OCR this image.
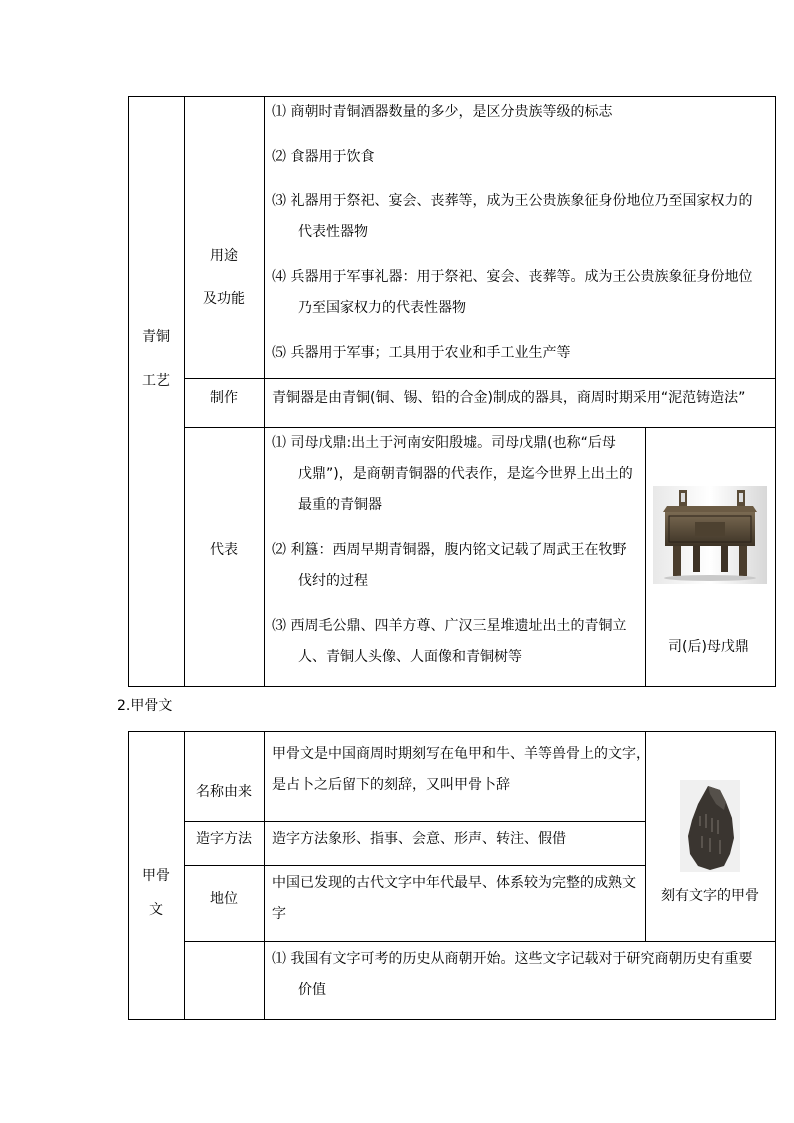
青铜
工艺
用途
及功能
⑴ 商朝时青铜酒器数量的多少，是区分贵族等级的标志
⑵ 食器用于饮食
⑶ 礼器用于祭祀、宴会、丧葬等，成为王公贵族象征身份地位乃至国家权力的
代表性器物
⑷ 兵器用于军事礼器：用于祭祀、宴会、丧葬等。成为王公贵族象征身份地位
乃至国家权力的代表性器物
⑸ 兵器用于军事；工具用于农业和手工业生产等
制作 青铜器是由青铜(铜、锡、铅的合金)制成的器具，商周时期采用“泥范铸造法”
代表
⑴ 司母戊鼎:出土于河南安阳殷墟。司母戊鼎(也称“后母
戊鼎”)，是商朝青铜器的代表作，是迄今世界上出土的
最重的青铜器
⑵ 利簋：西周早期青铜器，腹内铭文记载了周武王在牧野
伐纣的过程
⑶ 西周毛公鼎、四羊方尊、广汉三星堆遗址出土的青铜立
人、青铜人头像、人面像和青铜树等
司(后)母戊鼎
2.甲骨文
甲骨
文
名称由来
甲骨文是中国商周时期刻写在龟甲和牛、羊等兽骨上的文字，
是占卜之后留下的刻辞，又叫甲骨卜辞
造字方法 造字方法象形、指事、会意、形声、转注、假借
地位
中国已发现的古代文字中年代最早、体系较为完整的成熟文
字
⑴ 我国有文字可考的历史从商朝开始。这些文字记载对于研究商朝历史有重要
价值
刻有文字的甲骨
